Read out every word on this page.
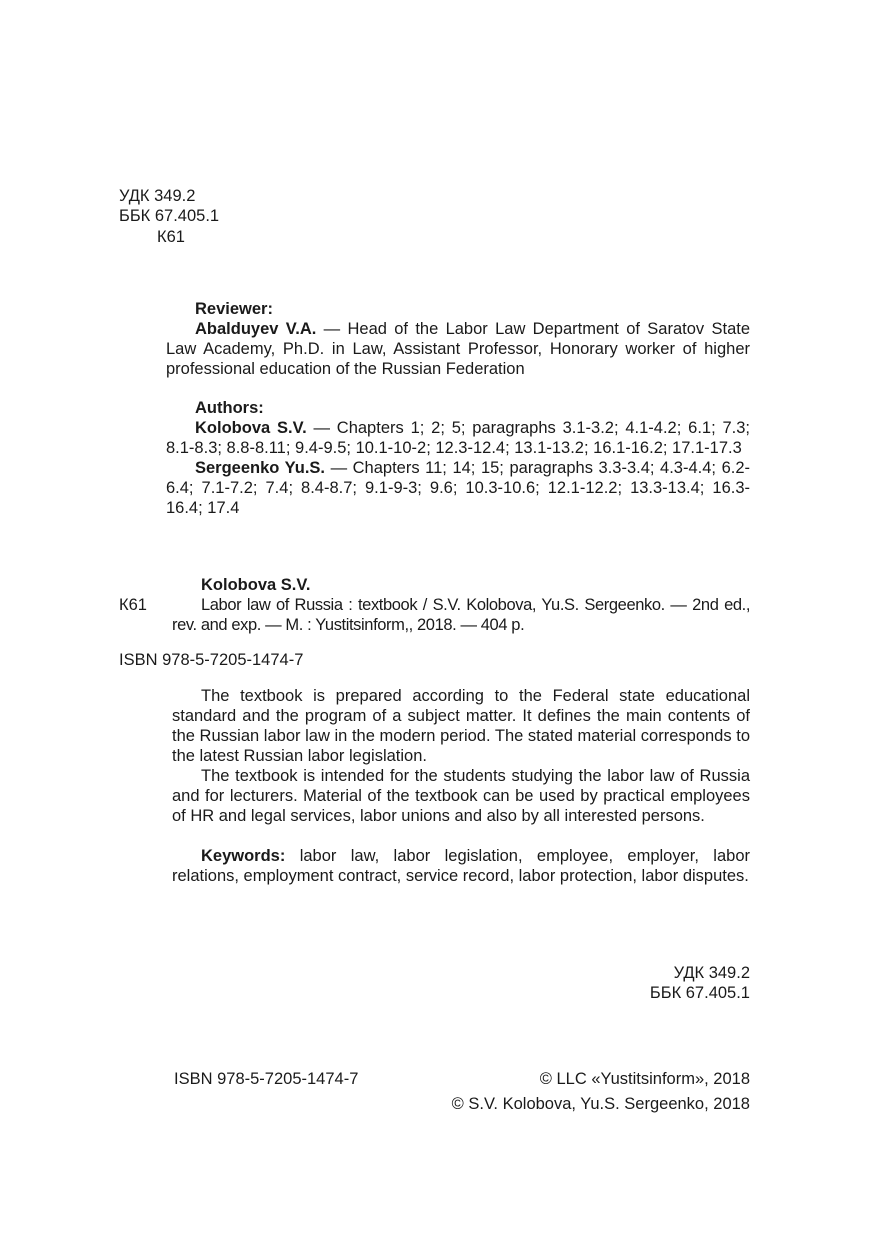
УДК 349.2
ББК 67.405.1
К61

Reviewer:

Abalduyev V.A. — Head of the Labor Law Department of Saratov State Law Academy, Ph.D. in Law, Assistant Professor, Honorary worker of higher professional education of the Russian Federation

Authors:

Kolobova S.V. — Chapters 1; 2; 5; paragraphs 3.1-3.2; 4.1-4.2; 6.1; 7.3; 8.1-8.3; 8.8-8.11; 9.4-9.5; 10.1-10-2; 12.3-12.4; 13.1-13.2; 16.1-16.2; 17.1-17.3

Sergeenko Yu.S. — Chapters 11; 14; 15; paragraphs 3.3-3.4; 4.3-4.4; 6.2-6.4; 7.1-7.2; 7.4; 8.4-8.7; 9.1-9-3; 9.6; 10.3-10.6; 12.1-12.2; 13.3-13.4; 16.3-16.4; 17.4

Kolobova S.V.
К61	Labor law of Russia : textbook / S.V. Kolobova, Yu.S. Sergeenko. — 2nd ed., rev. and exp. — M. : Yustitsinform,, 2018. — 404 p.
ISBN 978-5-7205-1474-7

The textbook is prepared according to the Federal state educational standard and the program of a subject matter. It defines the main contents of the Russian labor law in the modern period. The stated material corresponds to the latest Russian labor legislation.

The textbook is intended for the students studying the labor law of Russia and for lecturers. Material of the textbook can be used by practical employees of HR and legal services, labor unions and also by all interested persons.

Keywords: labor law, labor legislation, employee, employer, labor relations, employment contract, service record, labor protection, labor disputes.

УДК 349.2
ББК 67.405.1
ISBN 978-5-7205-1474-7	© LLC «Yustitsinform», 2018
© S.V. Kolobova, Yu.S. Sergeenko, 2018
